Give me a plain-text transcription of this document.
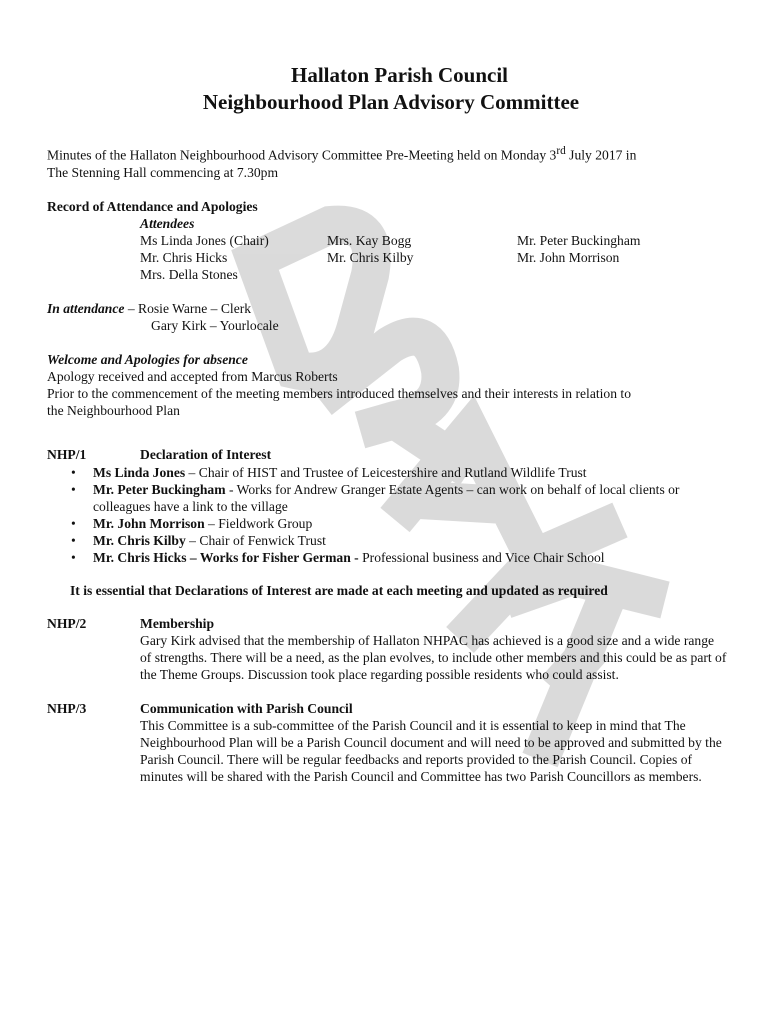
Hallaton Parish Council
Neighbourhood Plan Advisory Committee

Minutes of the Hallaton Neighbourhood Advisory Committee Pre-Meeting held on Monday 3rd July 2017 in
The Stenning Hall commencing at 7.30pm

Record of Attendance and Apologies

Attendees
Ms Linda Jones (Chair)	Mrs. Kay Bogg	Mr. Peter Buckingham
Mr. Chris Hicks	Mr. Chris Kilby	Mr. John Morrison
Mrs. Della Stones

In attendance – Rosie Warne – Clerk

Gary Kirk – Yourlocale

Welcome and Apologies for absence

Apology received and accepted from Marcus Roberts

Prior to the commencement of the meeting members introduced themselves and their interests in relation to

the Neighbourhood Plan

NHP/1	Declaration of Interest
• Ms Linda Jones – Chair of HIST and Trustee of Leicestershire and Rutland Wildlife Trust
• Mr. Peter Buckingham - Works for Andrew Granger Estate Agents – can work on behalf of local clients or colleagues have a link to the village
• Mr. John Morrison – Fieldwork Group
• Mr. Chris Kilby – Chair of Fenwick Trust
• Mr. Chris Hicks – Works for Fisher German - Professional business and Vice Chair School

It is essential that Declarations of Interest are made at each meeting and updated as required

NHP/2	Membership
Gary Kirk advised that the membership of Hallaton NHPAC has achieved is a good size and a wide range of strengths. There will be a need, as the plan evolves, to include other members and this could be as part of the Theme Groups. Discussion took place regarding possible residents who could assist.
NHP/3	Communication with Parish Council
This Committee is a sub-committee of the Parish Council and it is essential to keep in mind that The Neighbourhood Plan will be a Parish Council document and will need to be approved and submitted by the Parish Council. There will be regular feedbacks and reports provided to the Parish Council. Copies of minutes will be shared with the Parish Council and Committee has two Parish Councillors as members.
